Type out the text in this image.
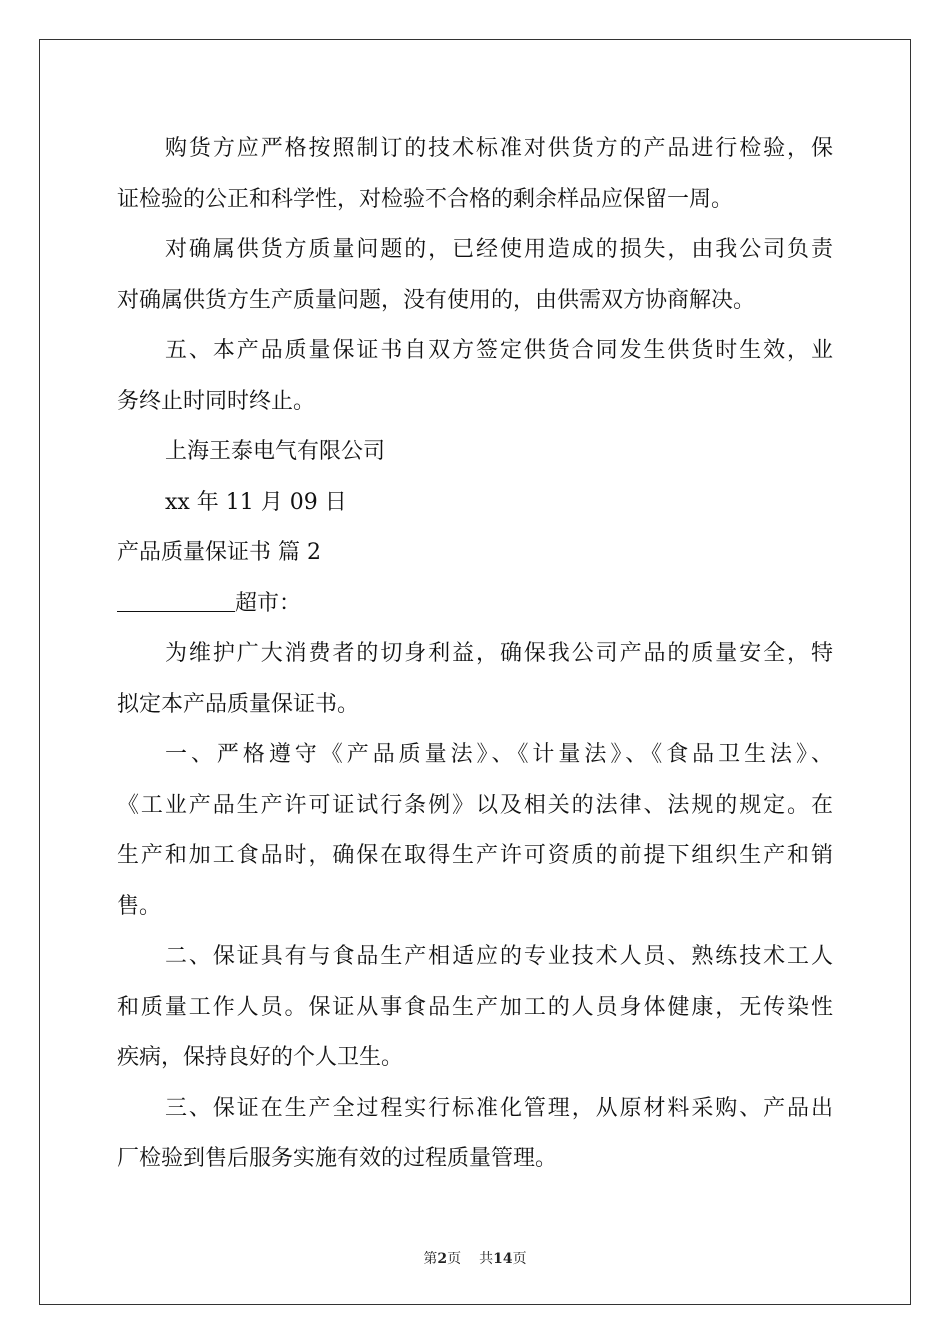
购货方应严格按照制订的技术标准对供货方的产品进行检验，保
证检验的公正和科学性，对检验不合格的剩余样品应保留一周。
对确属供货方质量问题的，已经使用造成的损失，由我公司负责
对确属供货方生产质量问题，没有使用的，由供需双方协商解决。
五、本产品质量保证书自双方签定供货合同发生供货时生效，业
务终止时同时终止。
上海王泰电气有限公司
xx 年 11 月 09 日
产品质量保证书 篇 2
超市：
为维护广大消费者的切身利益，确保我公司产品的质量安全，特
拟定本产品质量保证书。
一、严格遵守《产品质量法》、《计量法》、《食品卫生法》、
《工业产品生产许可证试行条例》以及相关的法律、法规的规定。在
生产和加工食品时，确保在取得生产许可资质的前提下组织生产和销
售。
二、保证具有与食品生产相适应的专业技术人员、熟练技术工人
和质量工作人员。保证从事食品生产加工的人员身体健康，无传染性
疾病，保持良好的个人卫生。
三、保证在生产全过程实行标准化管理，从原材料采购、产品出
厂检验到售后服务实施有效的过程质量管理。
第2页 共14页
